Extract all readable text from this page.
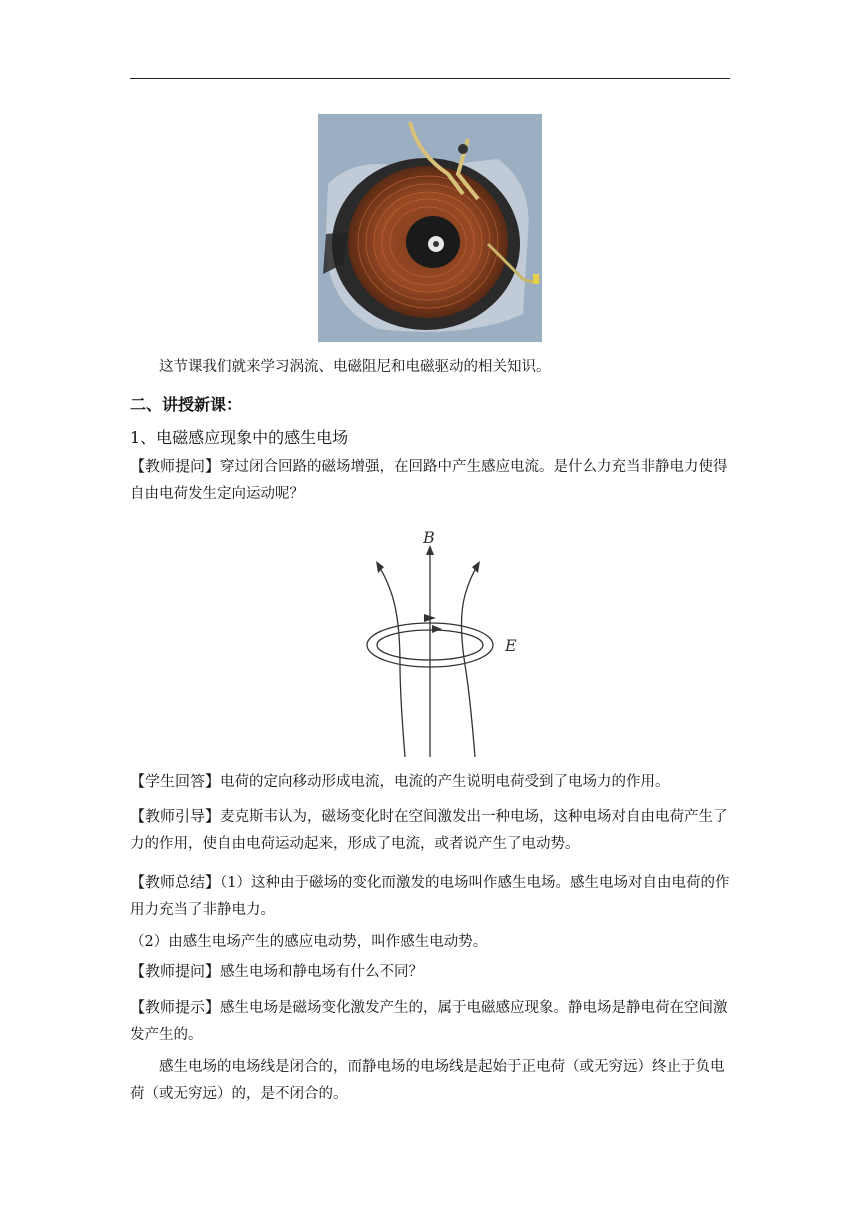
这节课我们就来学习涡流、电磁阻尼和电磁驱动的相关知识。
二、讲授新课：
1、电磁感应现象中的感生电场
【教师提问】穿过闭合回路的磁场增强，在回路中产生感应电流。是什么力充当非静电力使得自由电荷发生定向运动呢？
B
E
【学生回答】电荷的定向移动形成电流，电流的产生说明电荷受到了电场力的作用。
【教师引导】麦克斯韦认为，磁场变化时在空间激发出一种电场，这种电场对自由电荷产生了力的作用，使自由电荷运动起来，形成了电流，或者说产生了电动势。
【教师总结】（1）这种由于磁场的变化而激发的电场叫作感生电场。感生电场对自由电荷的作用力充当了非静电力。
（2）由感生电场产生的感应电动势，叫作感生电动势。
【教师提问】感生电场和静电场有什么不同？
【教师提示】感生电场是磁场变化激发产生的，属于电磁感应现象。静电场是静电荷在空间激发产生的。
感生电场的电场线是闭合的，而静电场的电场线是起始于正电荷（或无穷远）终止于负电荷（或无穷远）的，是不闭合的。
